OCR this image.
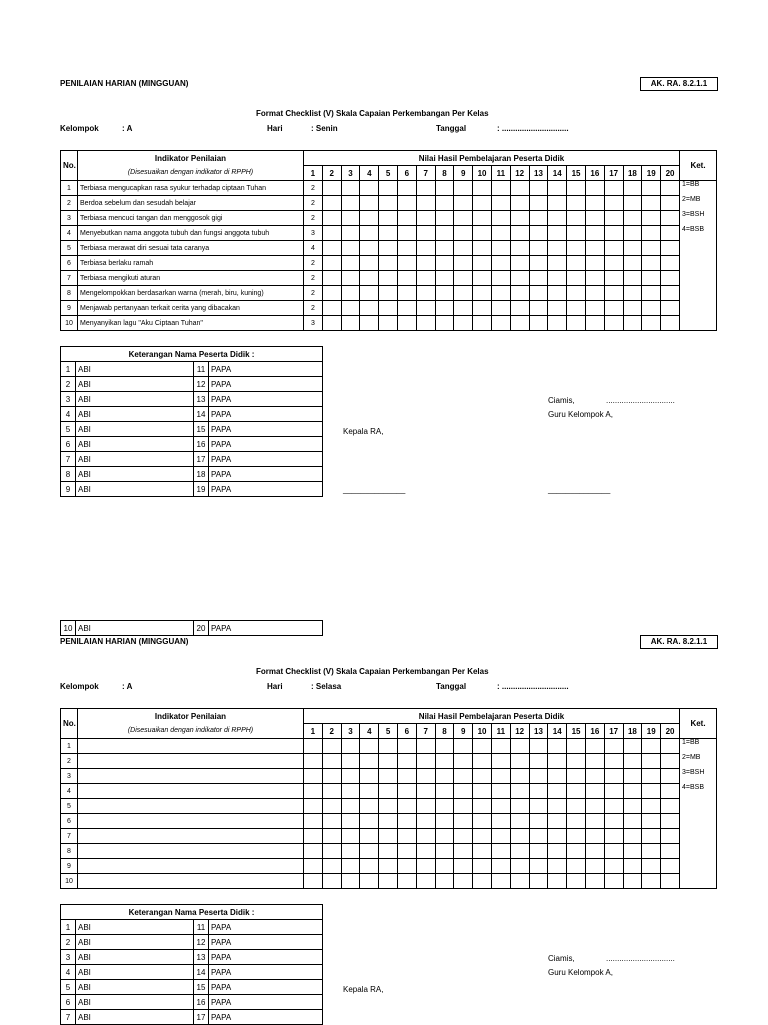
PENILAIAN HARIAN (MINGGUAN)	AK. RA. 8.2.1.1
Format Checklist (V) Skala Capaian Perkembangan Per Kelas
Kelompok	: A	Hari	: Senin	Tanggal	: ..............................
No.	Indikator Penilaian	Nilai Hasil Pembelajaran Peserta Didik																				Ket.
	(Disesuaikan dengan indikator di RPPH)	1	2	3	4	5	6	7	8	9	10	11	12	13	14	15	16	17	18	19	20	
1	Terbiasa mengucapkan rasa syukur terhadap ciptaan Tuhan	2																				1=BB
2=MB
3=BSH
4=BSB

2	Berdoa sebelum dan sesudah belajar	2																				
3	Terbiasa mencuci tangan dan menggosok gigi	2																				
4	Menyebutkan nama anggota tubuh dan fungsi anggota tubuh	3																				
5	Terbiasa merawat diri sesuai tata caranya	4																				
6	Terbiasa berlaku ramah	2																				
7	Terbiasa mengikuti aturan	2																				
8	Mengelompokkan berdasarkan warna (merah, biru, kuning)	2																				
9	Menjawab pertanyaan terkait cerita yang dibacakan	2																				
10	Menyanyikan lagu "Aku Ciptaan Tuhan"	3																				
Keterangan Nama Peserta Didik :			
1	ABI	11	PAPA
2	ABI	12	PAPA
3	ABI	13	PAPA
4	ABI	14	PAPA
5	ABI	15	PAPA
6	ABI	16	PAPA
7	ABI	17	PAPA
8	ABI	18	PAPA
9	ABI	19	PAPA
Ciamis,	...............................
Guru Kelompok A,
Kepala RA,
______________	______________
10	ABI	20	PAPA
PENILAIAN HARIAN (MINGGUAN)	AK. RA. 8.2.1.1
Format Checklist (V) Skala Capaian Perkembangan Per Kelas
Kelompok	: A	Hari	: Selasa	Tanggal	: ..............................
No.	Indikator Penilaian	Nilai Hasil Pembelajaran Peserta Didik																				Ket.
	(Disesuaikan dengan indikator di RPPH)	1	2	3	4	5	6	7	8	9	10	11	12	13	14	15	16	17	18	19	20	
1																						1=BB
2=MB
3=BSH
4=BSB

2																						
3																						
4																						
5																						
6																						
7																						
8																						
9																						
10																						
Keterangan Nama Peserta Didik :			
1	ABI	11	PAPA
2	ABI	12	PAPA
3	ABI	13	PAPA
4	ABI	14	PAPA
5	ABI	15	PAPA
6	ABI	16	PAPA
7	ABI	17	PAPA
Ciamis,	...............................
Guru Kelompok A,
Kepala RA,
